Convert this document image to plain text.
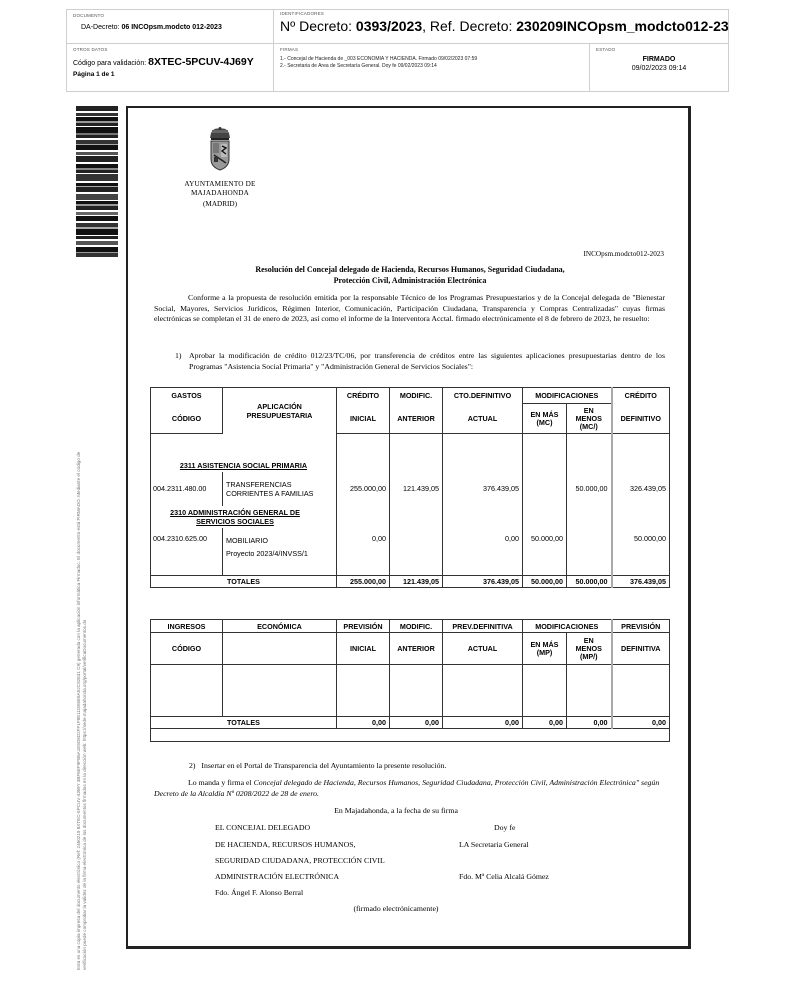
DOCUMENTO
DA-Decreto: 06 INCOpsm.modcto 012-2023
IDENTIFICADORES
Nº Decreto: 0393/2023, Ref. Decreto: 230209INCOpsm_modcto012-23
OTROS DATOS
Código para validación: 8XTEC-5PCUV-4J69Y
Página 1 de 1
FIRMAS
1.- Concejal de Hacienda de _003 ECONOMIA Y HACIENDA. Firmado 09/02/2023 07:59
2.- Secretaria de Area de Secretaría General. Doy fe 09/02/2023 09:14
ESTADO
FIRMADO
09/02/2023 09:14
Esta es una copia impresa del documento electrónico (Ref: 2460219 8XTEC-5PCUV-4J69Y 3BF6EF9FB6A1E5D6D2FF1F8E11DE6E8A52C92631 C9) generada con la aplicación informática Firmadoc. El documento está FIRMADO. Mediante el código de verificación puede comprobar la validez de la firma electrónica de los documentos firmados en la dirección web: https://sede.majadahonda.org/portal/verificaDocumentos.do
AYUNTAMIENTO DE
MAJADAHONDA
(MADRID)
INCOpsm.modcto012-2023
Resolución del Concejal delegado de Hacienda, Recursos Humanos, Seguridad Ciudadana,
Protección Civil, Administración Electrónica

Conforme a la propuesta de resolución emitida por la responsable Técnico de los Programas Presupuestarios y de la Concejal delegada de "Bienestar Social, Mayores, Servicios Jurídicos, Régimen Interior, Comunicación, Participación Ciudadana, Transparencia y Compras Centralizadas" cuyas firmas electrónicas se completan el 31 de enero de 2023, así como el informe de la Interventora Acctal. firmado electrónicamente el 8 de febrero de 2023, he resuelto:

1) Aprobar la modificación de crédito 012/23/TC/06, por transferencia de créditos entre las siguientes aplicaciones presupuestarias dentro de los Programas "Asistencia Social Primaria" y "Administración General de Servicios Sociales":

GASTOS	APLICACIÓN PRESUPUESTARIA	CRÉDITO	MODIFIC.	CTO.DEFINITIVO	MODIFICACIONES		CRÉDITO
CÓDIGO		INICIAL	ANTERIOR	ACTUAL	EN MÁS (MC)	EN MENOS (MC/)	DEFINITIVO
2311 ASISTENCIA SOCIAL PRIMARIA							
004.2311.480.00	TRANSFERENCIAS CORRIENTES A FAMILIAS	255.000,00	121.439,05	376.439,05		50.000,00	326.439,05
2310 ADMINISTRACIÓN GENERAL DE SERVICIOS SOCIALES							
004.2310.625.00	MOBILIARIO
Proyecto 2023/4/INVSS/1	0,00		0,00	50.000,00		50.000,00
TOTALES		255.000,00	121.439,05	376.439,05	50.000,00	50.000,00	376.439,05
INGRESOS	ECONÓMICA	PREVISIÓN	MODIFIC.	PREV.DEFINITIVA	MODIFICACIONES		PREVISIÓN
CÓDIGO		INICIAL	ANTERIOR	ACTUAL	EN MÁS (MP)	EN MENOS (MP/)	DEFINITIVA

TOTALES		0,00	0,00	0,00	0,00	0,00	0,00

2) Insertar en el Portal de Transparencia del Ayuntamiento la presente resolución.

Lo manda y firma el Concejal delegado de Hacienda, Recursos Humanos, Seguridad Ciudadana, Protección Civil, Administración Electrónica" según Decreto de la Alcaldía Nº 0208/2022 de 28 de enero.

En Majadahonda, a la fecha de su firma
EL CONCEJAL DELEGADO
DE HACIENDA, RECURSOS HUMANOS,
SEGURIDAD CIUDADANA, PROTECCIÓN CIVIL
ADMINISTRACIÓN ELECTRÓNICA
Fdo. Ángel F. Alonso Berral
Doy fe
LA Secretaria General
Fdo. Mª Celia Alcalá Gómez
(firmado electrónicamente)
